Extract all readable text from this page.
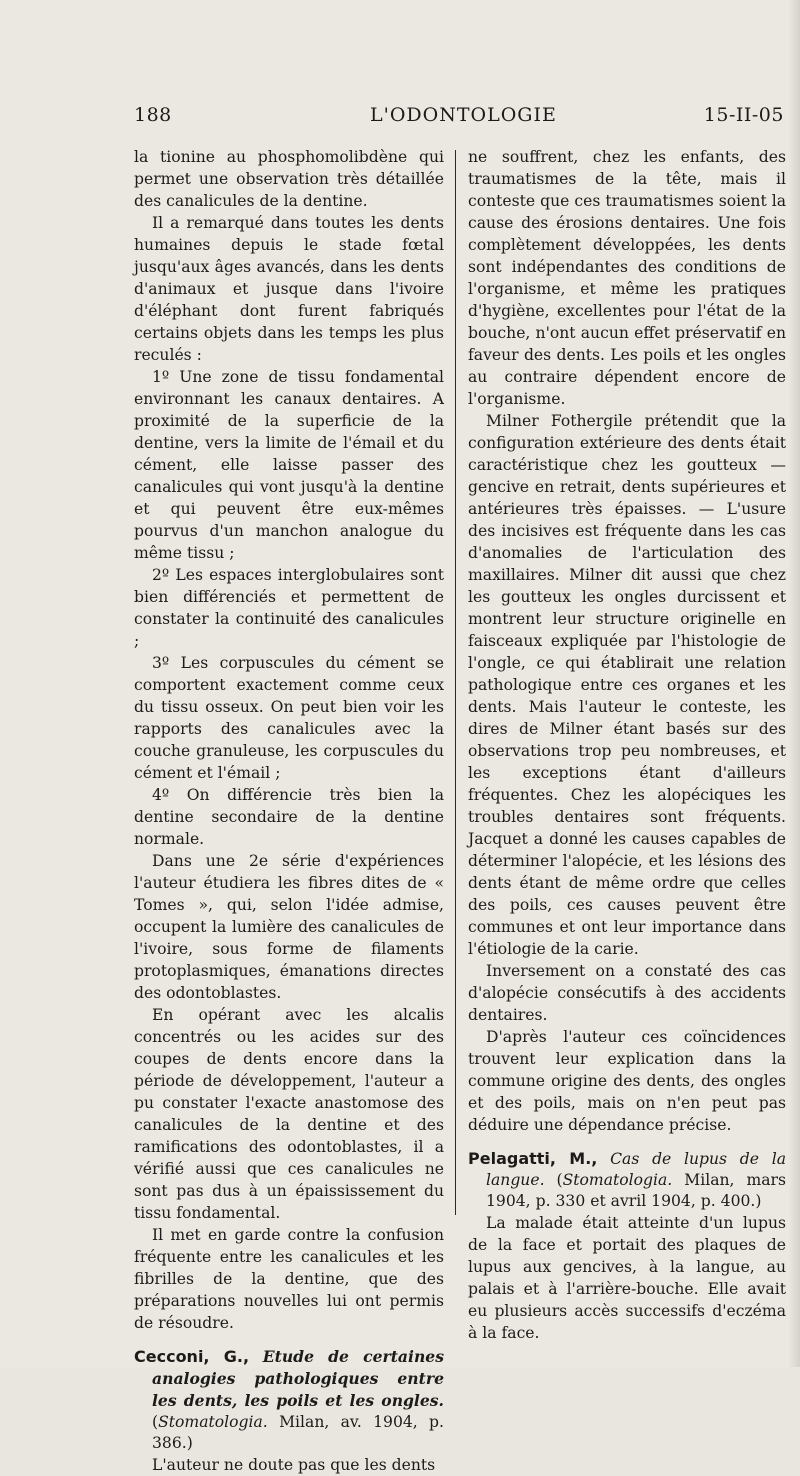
188	L'ODONTOLOGIE	15-II-05

la tionine au phosphomolibdène qui permet une observation très détaillée des canalicules de la dentine.

Il a remarqué dans toutes les dents humaines depuis le stade fœtal jusqu'aux âges avancés, dans les dents d'animaux et jusque dans l'ivoire d'éléphant dont furent fabriqués certains objets dans les temps les plus reculés :

1º Une zone de tissu fondamental environnant les canaux dentaires. A proximité de la superficie de la dentine, vers la limite de l'émail et du cément, elle laisse passer des canalicules qui vont jusqu'à la dentine et qui peuvent être eux-mêmes pourvus d'un manchon analogue du même tissu ;

2º Les espaces interglobulaires sont bien différenciés et permettent de constater la continuité des canalicules ;

3º Les corpuscules du cément se comportent exactement comme ceux du tissu osseux. On peut bien voir les rapports des canalicules avec la couche granuleuse, les corpuscules du cément et l'émail ;

4º On différencie très bien la dentine secondaire de la dentine normale.

Dans une 2e série d'expériences l'auteur étudiera les fibres dites de « Tomes », qui, selon l'idée admise, occupent la lumière des canalicules de l'ivoire, sous forme de filaments protoplasmiques, émanations directes des odontoblastes.

En opérant avec les alcalis concentrés ou les acides sur des coupes de dents encore dans la période de développement, l'auteur a pu constater l'exacte anastomose des canalicules de la dentine et des ramifications des odontoblastes, il a vérifié aussi que ces canalicules ne sont pas dus à un épaississement du tissu fondamental.

Il met en garde contre la confusion fréquente entre les canalicules et les fibrilles de la dentine, que des préparations nouvelles lui ont permis de résoudre.

Cecconi, G., Etude de certaines analogies pathologiques entre les dents, les poils et les ongles. (Stomatologia. Milan, av. 1904, p. 386.)

L'auteur ne doute pas que les dents

ne souffrent, chez les enfants, des traumatismes de la tête, mais il conteste que ces traumatismes soient la cause des érosions dentaires. Une fois complètement développées, les dents sont indépendantes des conditions de l'organisme, et même les pratiques d'hygiène, excellentes pour l'état de la bouche, n'ont aucun effet préservatif en faveur des dents. Les poils et les ongles au contraire dépendent encore de l'organisme.

Milner Fothergile prétendit que la configuration extérieure des dents était caractéristique chez les goutteux — gencive en retrait, dents supérieures et antérieures très épaisses. — L'usure des incisives est fréquente dans les cas d'anomalies de l'articulation des maxillaires. Milner dit aussi que chez les goutteux les ongles durcissent et montrent leur structure originelle en faisceaux expliquée par l'histologie de l'ongle, ce qui établirait une relation pathologique entre ces organes et les dents. Mais l'auteur le conteste, les dires de Milner étant basés sur des observations trop peu nombreuses, et les exceptions étant d'ailleurs fréquentes. Chez les alopéciques les troubles dentaires sont fréquents. Jacquet a donné les causes capables de déterminer l'alopécie, et les lésions des dents étant de même ordre que celles des poils, ces causes peuvent être communes et ont leur importance dans l'étiologie de la carie.

Inversement on a constaté des cas d'alopécie consécutifs à des accidents dentaires.

D'après l'auteur ces coïncidences trouvent leur explication dans la commune origine des dents, des ongles et des poils, mais on n'en peut pas déduire une dépendance précise.

Pelagatti, M., Cas de lupus de la langue. (Stomatologia. Milan, mars 1904, p. 330 et avril 1904, p. 400.)

La malade était atteinte d'un lupus de la face et portait des plaques de lupus aux gencives, à la langue, au palais et à l'arrière-bouche. Elle avait eu plusieurs accès successifs d'eczéma à la face.
